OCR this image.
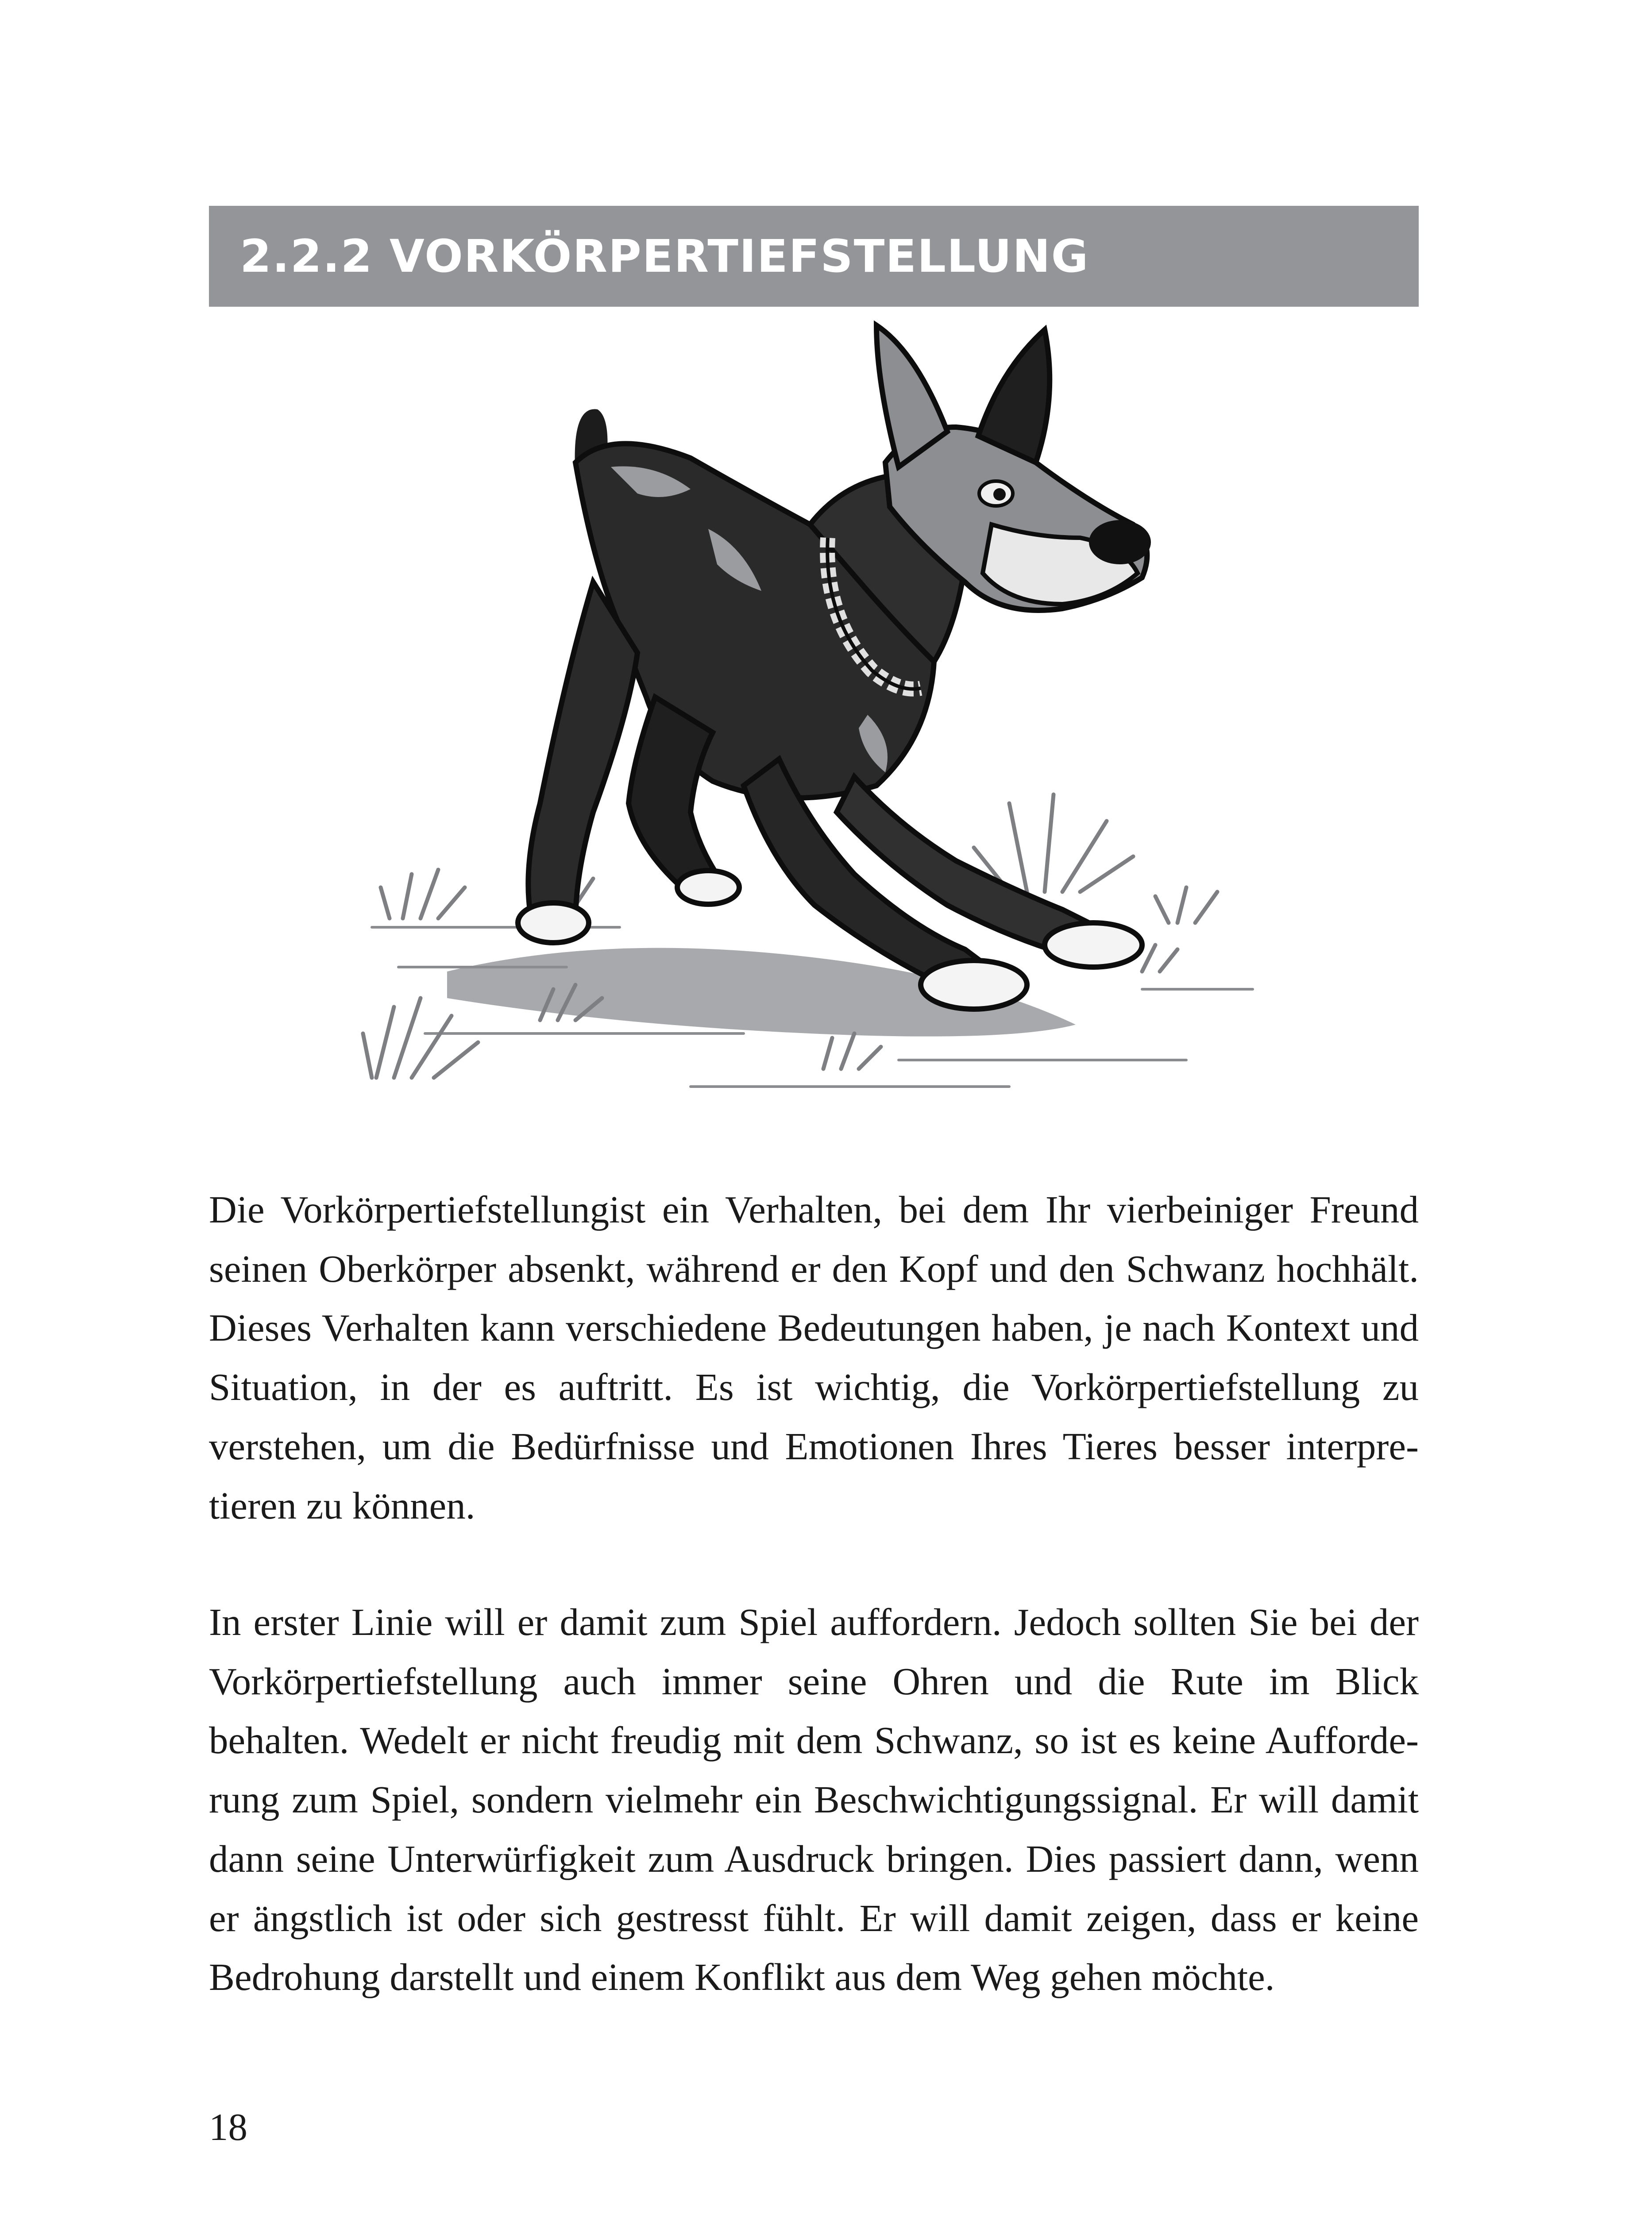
2.2.2 VORKÖRPERTIEFSTELLUNG

Die Vorkörpertiefstellungist ein Verhalten, bei dem Ihr vierbeiniger Freund seinen Oberkörper absenkt, während er den Kopf und den Schwanz hochhält. Dieses Verhalten kann verschiedene Bedeutungen haben, je nach Kontext und Situation, in der es auftritt. Es ist wichtig, die Vorkörpertiefstellung zu verstehen, um die Bedürfnisse und Emotionen Ihres Tieres besser interpretieren zu können.

In erster Linie will er damit zum Spiel auffordern. Jedoch sollten Sie bei der Vorkörpertiefstellung auch immer seine Ohren und die Rute im Blick behalten. Wedelt er nicht freudig mit dem Schwanz, so ist es keine Aufforderung zum Spiel, sondern vielmehr ein Beschwichtigungssignal. Er will damit dann seine Unterwürfigkeit zum Ausdruck bringen. Dies passiert dann, wenn er ängstlich ist oder sich gestresst fühlt. Er will damit zeigen, dass er keine Bedrohung darstellt und einem Konflikt aus dem Weg gehen möchte.

18
